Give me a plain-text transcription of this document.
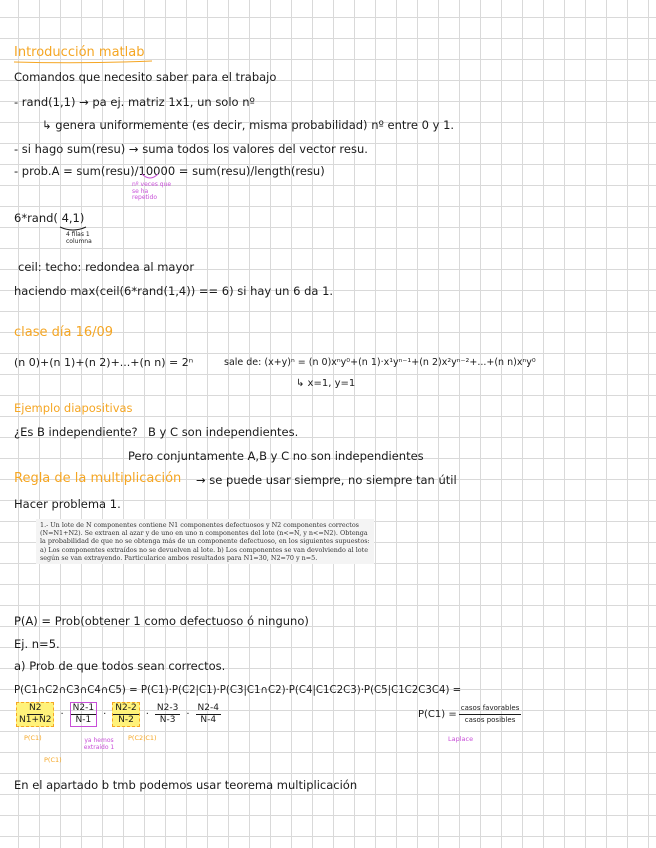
Introducción matlab
Comandos que necesito saber para el trabajo
- rand(1,1) → pa ej. matriz 1x1, un solo nº
↳ genera uniformemente (es decir, misma probabilidad) nº entre 0 y 1.
- si hago sum(resu) → suma todos los valores del vector resu.
- prob.A = sum(resu)/10000 = sum(resu)/length(resu)
nº veces que se ha repetido
6*rand( 4,1)
4 filas 1 columna
ceil: techo: redondea al mayor
haciendo max(ceil(6*rand(1,4)) == 6) si hay un 6 da 1.
clase día 16/09
(n 0)+(n 1)+(n 2)+...+(n n) = 2ⁿ	sale de: (x+y)ⁿ = (n 0)xⁿy⁰+(n 1)·x¹yⁿ⁻¹+(n 2)x²yⁿ⁻²+...+(n n)xⁿy⁰
↳ x=1, y=1
Ejemplo diapositivas
¿Es B independiente? B y C son independientes.
Pero conjuntamente A,B y C no son independientes
Regla de la multiplicación → se puede usar siempre, no siempre tan útil
Hacer problema 1.
1.- Un lote de N componentes contiene N1 componentes defectuosos y N2 componentes correctos (N=N1+N2). Se extraen al azar y de uno en uno n componentes del lote (n<=N, y n<=N2). Obtenga la probabilidad de que no se obtenga más de un componente defectuoso, en los siguientes supuestos: a) Los componentes extraídos no se devuelven al lote. b) Los componentes se van devolviendo al lote según se van extrayendo. Particularice ambos resultados para N1=30, N2=70 y n=5.
P(A) = Prob(obtener 1 como defectuoso ó ninguno)
Ej. n=5.
a) Prob de que todos sean correctos.
P(C1∩C2∩C3∩C4∩C5) = P(C1)·P(C2|C1)·P(C3|C1∩C2)·P(C4|C1C2C3)·P(C5|C1C2C3C4) =
$\frac{N2}{N1+N2} \cdot \frac{N2-1}{N-1} \cdot \frac{N2-2}{N-2} \cdot \frac{N2-3}{N-3} \cdot \frac{N2-4}{N-4}$
P(C1)	ya hemos extraído 1
P(C2|C1)
P(C1)
$P(C1) = \frac{\text{casos favorables}}{\text{casos posibles}}$
Laplace
En el apartado b tmb podemos usar teorema multiplicación
